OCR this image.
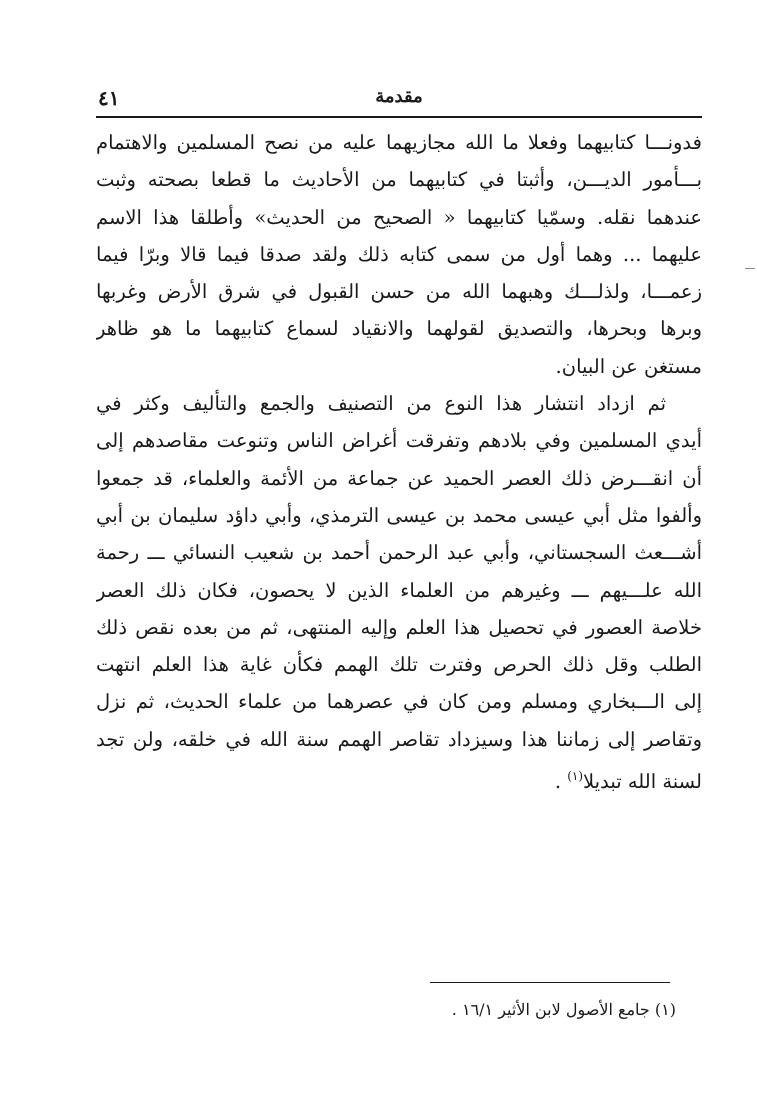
مقدمة
٤١
فدونـــا كتابيهما وفعلا ما الله مجازيهما عليه من نصح المسلمين والاهتمام
بـــأمور الديـــن، وأثبتا في كتابيهما من الأحاديث ما قطعا بصحته وثبت
عندهما نقله. وسمّيا كتابيهما « الصحيح من الحديث» وأطلقا هذا الاسم
عليهما ... وهما أول من سمى كتابه ذلك ولقد صدقا فيما قالا وبرّا فيما
زعمـــا، ولذلـــك وهبهما الله من حسن القبول في شرق الأرض وغربها
وبرها وبحرها، والتصديق لقولهما والانقياد لسماع كتابيهما ما هو ظاهر
مستغن عن البيان.
ثم ازداد انتشار هذا النوع من التصنيف والجمع والتأليف وكثر في
أيدي المسلمين وفي بلادهم وتفرقت أغراض الناس وتنوعت مقاصدهم إلى
أن انقـــرض ذلك العصر الحميد عن جماعة من الأئمة والعلماء، قد جمعوا
وألفوا مثل أبي عيسى محمد بن عيسى الترمذي، وأبي داؤد سليمان بن أبي
أشـــعث السجستاني، وأبي عبد الرحمن أحمد بن شعيب النسائي ـــ رحمة
الله علـــيهم ـــ وغيرهم من العلماء الذين لا يحصون، فكان ذلك العصر
خلاصة العصور في تحصيل هذا العلم وإليه المنتهى، ثم من بعده نقص ذلك
الطلب وقل ذلك الحرص وفترت تلك الهمم فكأن غاية هذا العلم انتهت
إلى الـــبخاري ومسلم ومن كان في عصرهما من علماء الحديث، ثم نزل
وتقاصر إلى زماننا هذا وسيزداد تقاصر الهمم سنة الله في خلقه، ولن تجد
لسنة الله تبديلا$^{(١)}$ .
(١) جامع الأصول لابن الأثير ١٦/١ .
